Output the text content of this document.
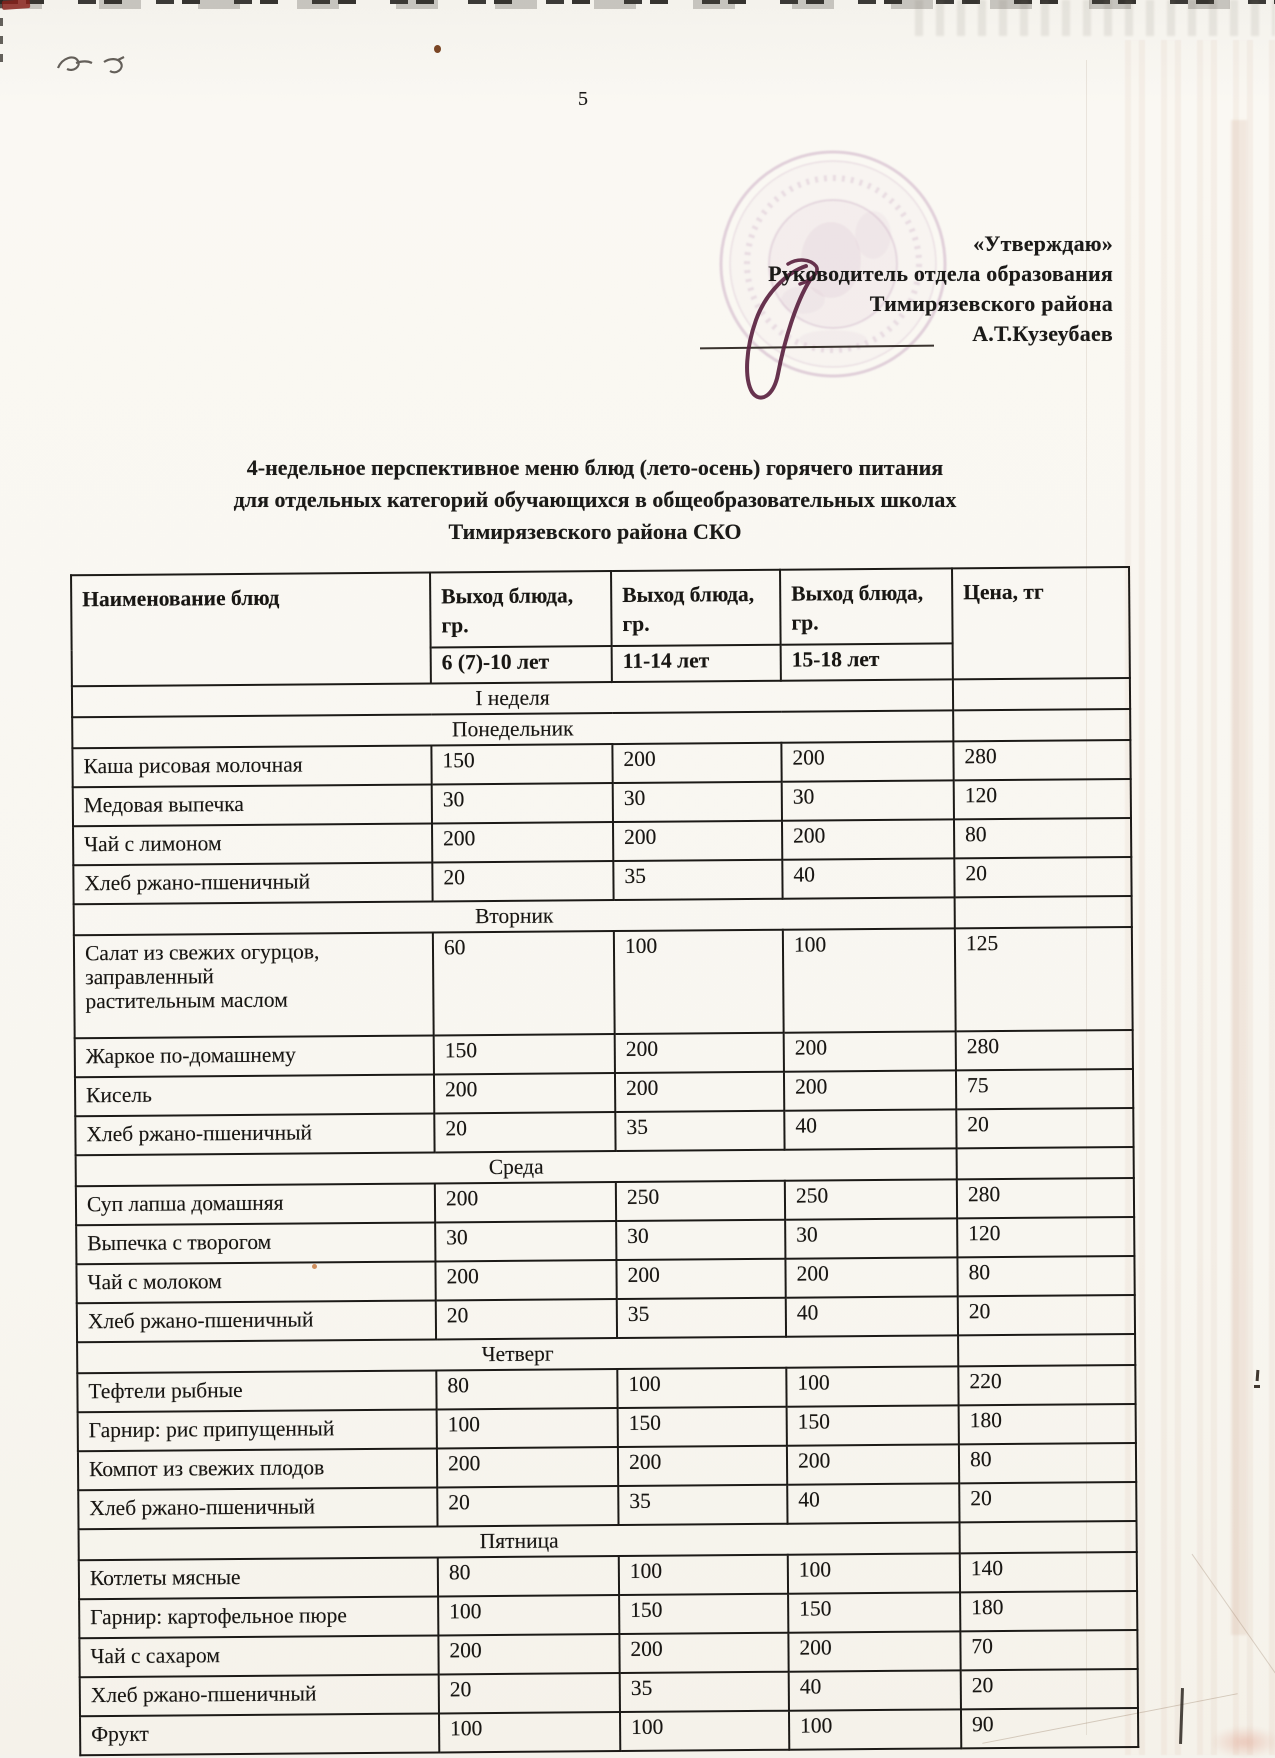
5
«Утверждаю»
Руководитель отдела образования
Тимирязевского района
А.Т.Кузеубаев
4-недельное перспективное меню блюд (лето-осень) горячего питания
для отдельных категорий обучающихся в общеобразовательных школах
Тимирязевского района СКО
Наименование блюд	Выход блюда, гр.	Выход блюда, гр.	Выход блюда, гр.	Цена, тг
	6 (7)-10 лет	11-14 лет	15-18 лет	
I неделя				
Понедельник				
Каша рисовая молочная	150	200	200	280
Медовая выпечка	30	30	30	120
Чай с лимоном	200	200	200	80
Хлеб ржано-пшеничный	20	35	40	20
Вторник				
Салат из свежих огурцов,
заправленный
растительным маслом	60	100	100	125
Жаркое по-домашнему	150	200	200	280
Кисель	200	200	200	75
Хлеб ржано-пшеничный	20	35	40	20
Среда				
Суп лапша домашняя	200	250	250	280
Выпечка с творогом	30	30	30	120
Чай с молоком	200	200	200	80
Хлеб ржано-пшеничный	20	35	40	20
Четверг				
Тефтели рыбные	80	100	100	220
Гарнир: рис припущенный	100	150	150	180
Компот из свежих плодов	200	200	200	80
Хлеб ржано-пшеничный	20	35	40	20
Пятница				
Котлеты мясные	80	100	100	140
Гарнир: картофельное пюре	100	150	150	180
Чай с сахаром	200	200	200	70
Хлеб ржано-пшеничный	20	35	40	20
Фрукт	100	100	100	90
